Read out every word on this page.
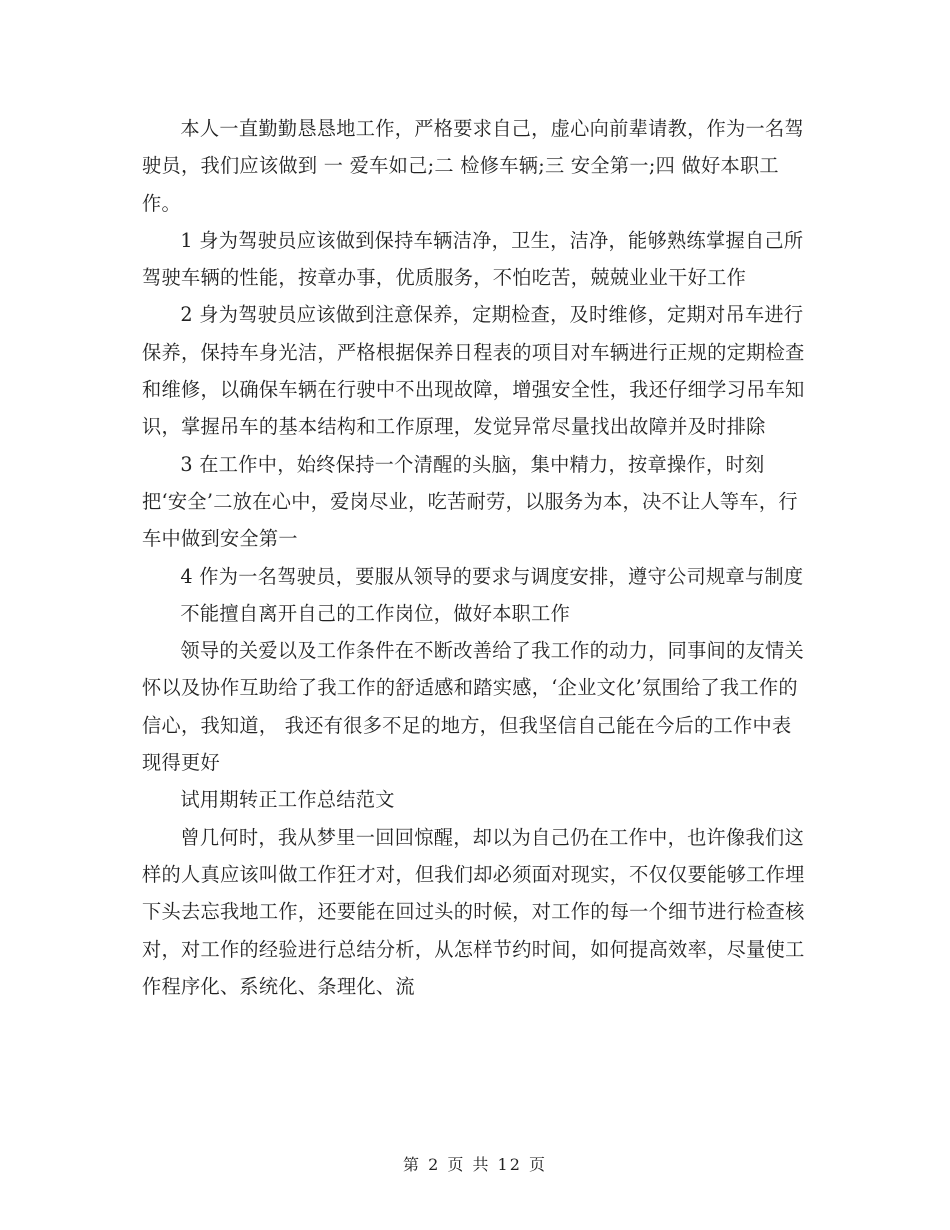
本人一直勤勤恳恳地工作，严格要求自己，虚心向前辈请教，作为一名驾驶员，我们应该做到 一 爱车如己;二 检修车辆;三 安全第一;四 做好本职工作。

1 身为驾驶员应该做到保持车辆洁净，卫生，洁净，能够熟练掌握自己所驾驶车辆的性能，按章办事，优质服务，不怕吃苦，兢兢业业干好工作

2 身为驾驶员应该做到注意保养，定期检查，及时维修，定期对吊车进行保养，保持车身光洁，严格根据保养日程表的项目对车辆进行正规的定期检查和维修，以确保车辆在行驶中不出现故障，增强安全性，我还仔细学习吊车知识，掌握吊车的基本结构和工作原理，发觉异常尽量找出故障并及时排除

3 在工作中，始终保持一个清醒的头脑，集中精力，按章操作，时刻把‘安全’二放在心中，爱岗尽业，吃苦耐劳，以服务为本，决不让人等车，行车中做到安全第一

4 作为一名驾驶员，要服从领导的要求与调度安排，遵守公司规章与制度

不能擅自离开自己的工作岗位，做好本职工作

领导的关爱以及工作条件在不断改善给了我工作的动力，同事间的友情关怀以及协作互助给了我工作的舒适感和踏实感，‘企业文化’氛围给了我工作的信心，我知道， 我还有很多不足的地方，但我坚信自己能在今后的工作中表现得更好

试用期转正工作总结范文

曾几何时，我从梦里一回回惊醒，却以为自己仍在工作中，也许像我们这样的人真应该叫做工作狂才对，但我们却必须面对现实，不仅仅要能够工作埋下头去忘我地工作，还要能在回过头的时候，对工作的每一个细节进行检查核对，对工作的经验进行总结分析，从怎样节约时间，如何提高效率，尽量使工作程序化、系统化、条理化、流

第 2 页 共 12 页
